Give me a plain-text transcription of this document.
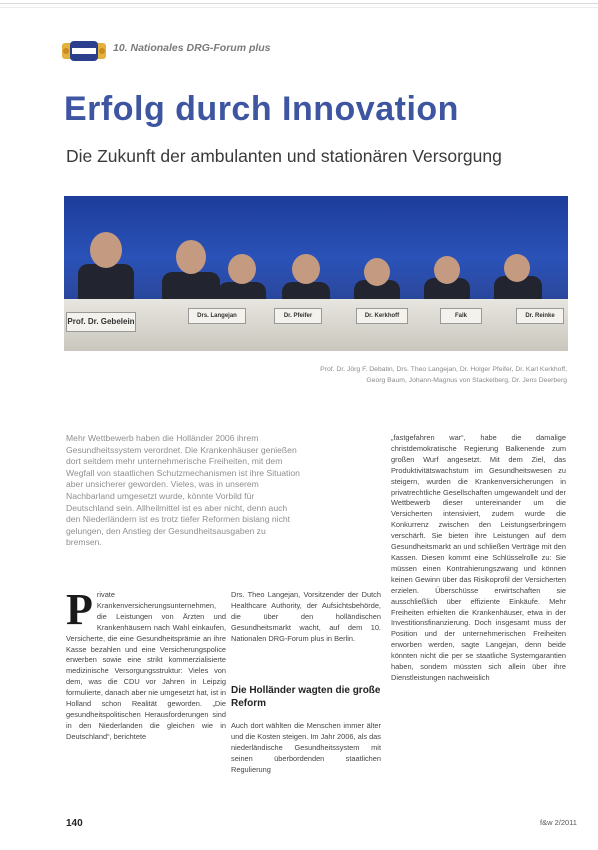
10. Nationales DRG-Forum plus
Erfolg durch Innovation
Die Zukunft der ambulanten und stationären Versorgung
Prof. Dr. Gebelein
Drs. Langejan	Dr. Pfeifer	Dr. Kerkhoff	Falk	Dr. Reinke
Prof. Dr. Jörg F. Debatin, Drs. Theo Langejan, Dr. Holger Pfeifer, Dr. Karl Kerkhoff,
Georg Baum, Johann-Magnus von Stackelberg, Dr. Jens Deerberg
Mehr Wettbewerb haben die Holländer 2006 ihrem Gesundheitssystem verordnet. Die Krankenhäuser genießen dort seitdem mehr unternehmerische Freiheiten, mit dem Wegfall von staatlichen Schutzmechanismen ist ihre Situation aber unsicherer geworden. Vieles, was in unserem Nachbarland umgesetzt wurde, könnte Vorbild für Deutschland sein. Allheilmittel ist es aber nicht, denn auch den Niederländern ist es trotz tiefer Reformen bislang nicht gelungen, den Anstieg der Gesundheitsausgaben zu bremsen.
Private Krankenversicherungsunternehmen, die Leistungen von Ärzten und Krankenhäusern nach Wahl einkaufen, Versicherte, die eine Gesundheitsprämie an ihre Kasse bezahlen und eine Versicherungspolice erwerben sowie eine strikt kommerzialisierte medizinische Versorgungsstruktur: Vieles von dem, was die CDU vor Jahren in Leipzig formulierte, danach aber nie umgesetzt hat, ist in Holland schon Realität geworden. „Die gesundheitspolitischen Herausforderungen sind in den Niederlanden die gleichen wie in Deutschland“, berichtete
Drs. Theo Langejan, Vorsitzender der Dutch Healthcare Authority, der Aufsichtsbehörde, die über den holländischen Gesundheitsmarkt wacht, auf dem 10. Nationalen DRG-Forum plus in Berlin.
Die Holländer wagten die große Reform
Auch dort wählten die Menschen immer älter und die Kosten steigen. Im Jahr 2006, als das niederländische Gesundheitssystem mit seinen überbordenden staatlichen Regulierung
„fastgefahren war“, habe die damalige christdemokratische Regierung Balkenende zum großen Wurf angesetzt. Mit dem Ziel, das Produktivitätswachstum im Gesundheitswesen zu steigern, wurden die Krankenversicherungen in privatrechtliche Gesellschaften umgewandelt und der Wettbewerb dieser untereinander um die Versicherten intensiviert, zudem wurde die Konkurrenz zwischen den Leistungserbringern verschärft. Sie bieten ihre Leistungen auf dem Gesundheitsmarkt an und schließen Verträge mit den Kassen. Diesen kommt eine Schlüsselrolle zu: Sie müssen einen Kontrahierungszwang und können keinen Gewinn über das Risikoprofil der Versicherten erzielen. Überschüsse erwirtschaften sie ausschließlich über effiziente Einkäufe. Mehr Freiheiten erhielten die Krankenhäuser, etwa in der Investitionsfinanzierung. Doch insgesamt muss der Position und der unternehmerischen Freiheiten erworben werden, sagte Langejan, denn beide könnten nicht die per se staatliche Systemgarantien haben, sondern müssten sich allein über ihre Dienstleistungen nachweislich
140	f&w 2/2011
